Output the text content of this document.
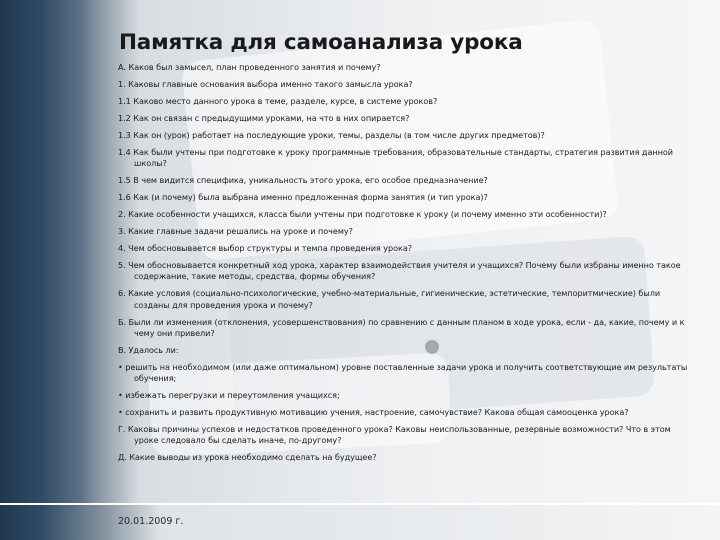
Памятка для самоанализа урока
А. Каков был замысел, план проведенного занятия и почему?
1. Каковы главные основания выбора именно такого замысла урока?
1.1 Каково место данного урока в теме, разделе, курсе, в системе уроков?
1.2 Как он связан с предыдущими уроками, на что в них опирается?
1.3 Как он (урок) работает на последующие уроки, темы, разделы (в том числе других предметов)?
1.4 Как были учтены при подготовке к уроку программные требования, образовательные стандарты, стратегия развития данной школы?
1.5 В чем видится специфика, уникальность этого урока, его особое предназначение?
1.6 Как (и почему) была выбрана именно предложенная форма занятия (и тип урока)?
2. Какие особенности учащихся, класса были учтены при подготовке к уроку (и почему именно эти особенности)?
3. Какие главные задачи решались на уроке и почему?
4. Чем обосновывается выбор структуры и темпа проведения урока?
5. Чем обосновывается конкретный ход урока, характер взаимодействия учителя и учащихся? Почему были избраны именно такое содержание, такие методы, средства, формы обучения?
6. Какие условия (социально-психологические, учебно-материальные, гигиенические, эстетические, темпоритмические) были созданы для проведения урока и почему?
Б. Были ли изменения (отклонения, усовершенствования) по сравнению с данным планом в ходе урока, если - да, какие, почему и к чему они привели?
В. Удалось ли:
• решить на необходимом (или даже оптимальном) уровне поставленные задачи урока и получить соответствующие им результаты обучения;
• избежать перегрузки и переутомления учащихся;
• сохранить и развить продуктивную мотивацию учения, настроение, самочувствие? Какова общая самооценка урока?
Г. Каковы причины успехов и недостатков проведенного урока? Каковы неиспользованные, резервные возможности? Что в этом уроке следовало бы сделать иначе, по-другому?
Д. Какие выводы из урока необходимо сделать на будущее?
20.01.2009 г.
